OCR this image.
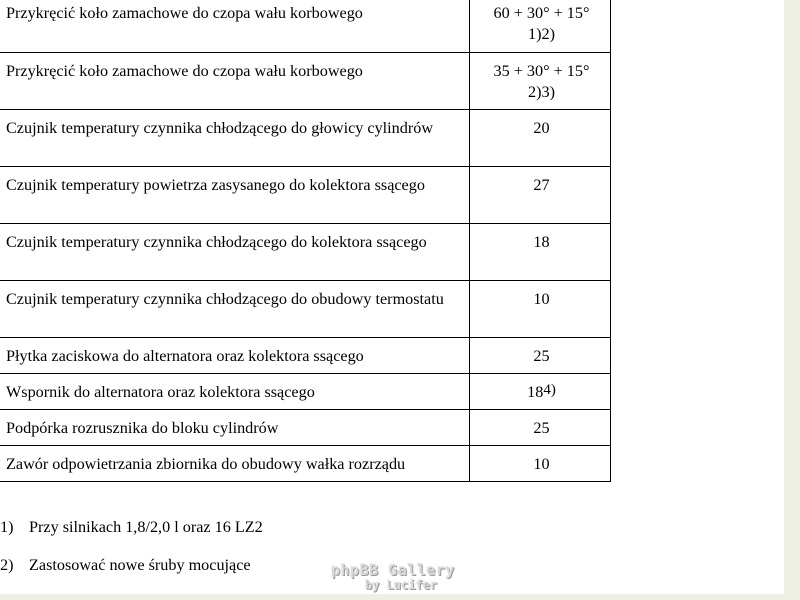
Przykręcić koło zamachowe do czopa wału korbowego	60 + 30° + 15°
1)2)

Przykręcić koło zamachowe do czopa wału korbowego	35 + 30° + 15°
2)3)

Czujnik temperatury czynnika chłodzącego do głowicy cylindrów	20
Czujnik temperatury powietrza zasysanego do kolektora ssącego	27
Czujnik temperatury czynnika chłodzącego do kolektora ssącego	18
Czujnik temperatury czynnika chłodzącego do obudowy termostatu	10
Płytka zaciskowa do alternatora oraz kolektora ssącego	25
Wspornik do alternatora oraz kolektora ssącego	184)
Podpórka rozrusznika do bloku cylindrów	25
Zawór odpowietrzania zbiornika do obudowy wałka rozrządu	10
1) Przy silnikach 1,8/2,0 l oraz 16 LZ2
2) Zastosować nowe śruby mocujące	phpBB Gallery
by Lucifer
